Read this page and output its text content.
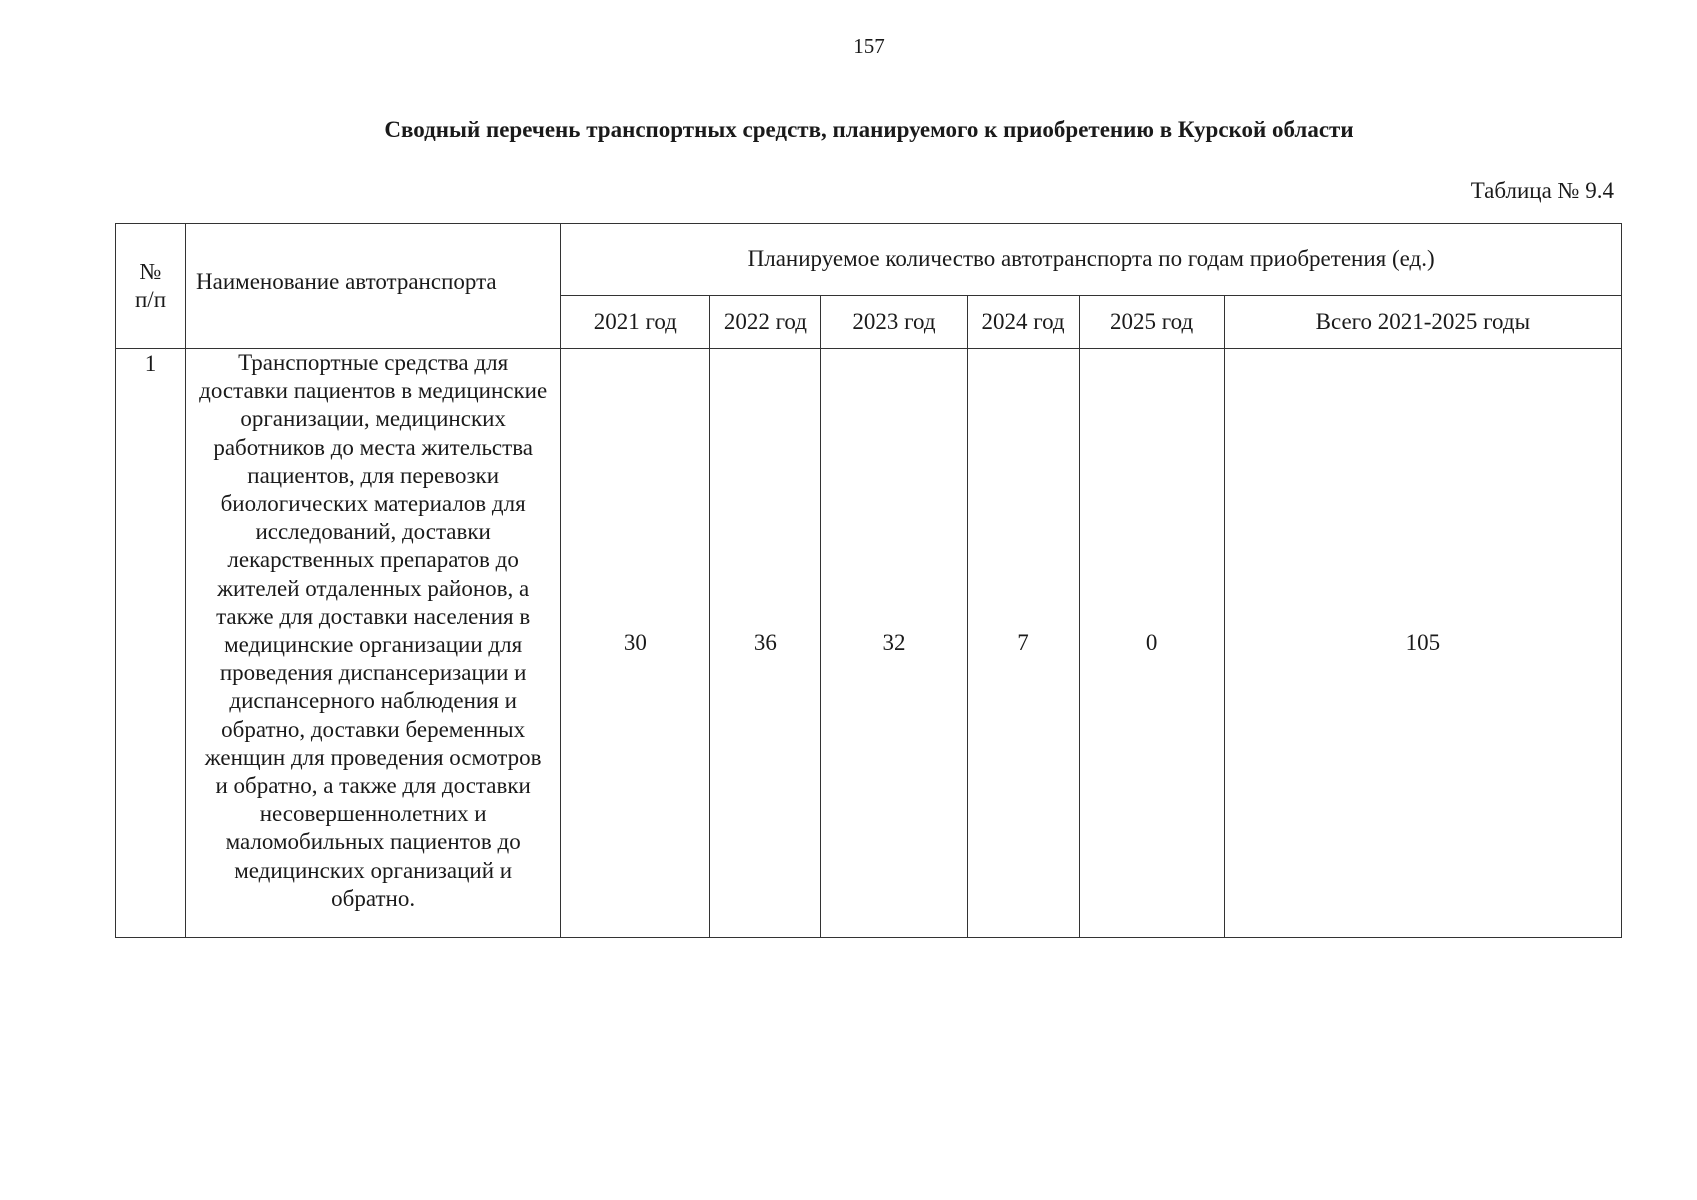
157
Сводный перечень транспортных средств, планируемого к приобретению в Курской области
Таблица № 9.4
№
п/п	Наименование автотранспорта	Планируемое количество автотранспорта по годам приобретения (ед.)					
		2021 год	2022 год	2023 год	2024 год	2025 год	Всего 2021-2025 годы
1	Транспортные средства для доставки пациентов в медицинские организации, медицинских работников до места жительства пациентов, для перевозки биологических материалов для исследований, доставки лекарственных препаратов до жителей отдаленных районов, а также для доставки населения в медицинские организации для проведения диспансеризации и диспансерного наблюдения и обратно, доставки беременных женщин для проведения осмотров и обратно, а также для доставки несовершеннолетних и маломобильных пациентов до медицинских организаций и обратно.	30	36	32	7	0	105
